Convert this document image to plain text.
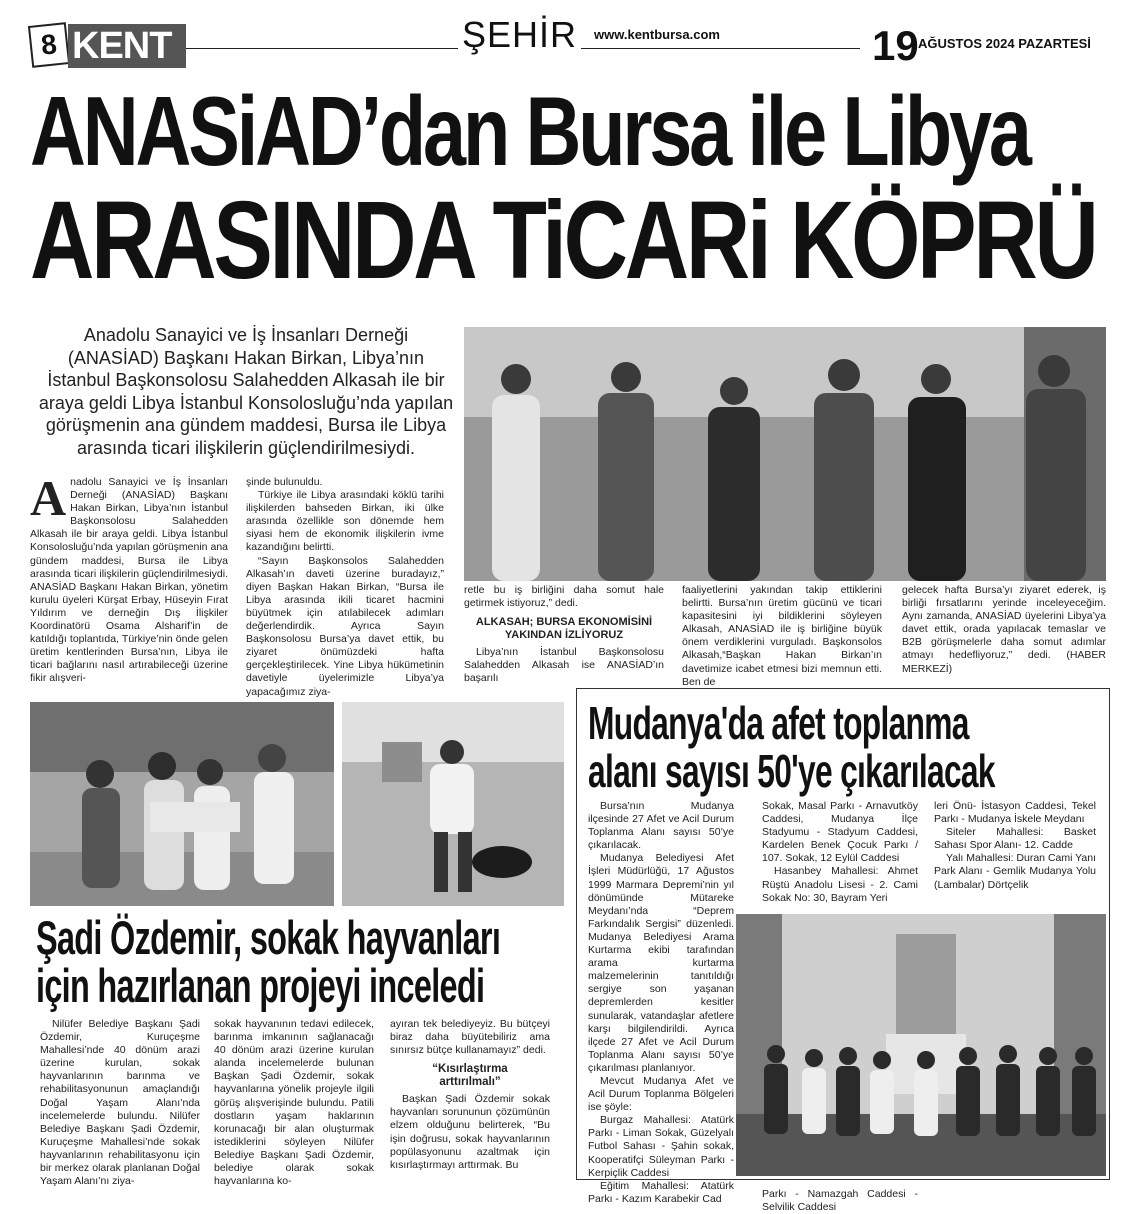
8 KENT	ŞEHİR	www.kentbursa.com	19 AĞUSTOS 2024 PAZARTESİ
ANASiAD’dan Bursa ile Libya
ARASINDA TiCARi KÖPRÜ
Anadolu Sanayici ve İş İnsanları Derneği (ANASİAD) Başkanı Hakan Birkan, Libya’nın İstanbul Başkonsolosu Salahedden Alkasah ile bir araya geldi Libya İstanbul Konsolosluğu’nda yapılan görüşmenin ana gündem maddesi, Bursa ile Libya arasında ticari ilişkilerin güçlendirilmesiydi.

Anadolu Sanayici ve İş İnsanları Derneği (ANASİAD) Başkanı Hakan Birkan, Libya’nın İstanbul Başkonsolosu Salahedden Alkasah ile bir araya geldi. Libya İstanbul Konsolosluğu’nda yapılan görüşmenin ana gündem maddesi, Bursa ile Libya arasında ticari ilişkilerin güçlendirilmesiydi. ANASİAD Başkanı Hakan Birkan, yönetim kurulu üyeleri Kürşat Erbay, Hüseyin Fırat Yıldırım ve derneğin Dış İlişkiler Koordinatörü Osama Alsharif’in de katıldığı toplantıda, Türkiye’nin önde gelen üretim kentlerinden Bursa’nın, Libya ile ticari bağlarını nasıl artırabileceği üzerine fikir alışveri-

şinde bulunuldu.

Türkiye ile Libya arasındaki köklü tarihi ilişkilerden bahseden Birkan, iki ülke arasında özellikle son dönemde hem siyasi hem de ekonomik ilişkilerin ivme kazandığını belirtti.

“Sayın Başkonsolos Salahedden Alkasah’ın daveti üzerine buradayız,” diyen Başkan Hakan Birkan, “Bursa ile Libya arasında ikili ticaret hacmini büyütmek için atılabilecek adımları değerlendirdik. Ayrıca Sayın Başkonsolosu Bursa’ya davet ettik, bu ziyaret önümüzdeki hafta gerçekleştirilecek. Yine Libya hükümetinin davetiyle üyelerimizle Libya’ya yapacağımız ziya-

retle bu iş birliğini daha somut hale getirmek istiyoruz,” dedi.

ALKASAH; BURSA EKONOMİSİNİ YAKINDAN İZLİYORUZ

Libya’nın İstanbul Başkonsolosu Salahedden Alkasah ise ANASİAD’ın başarılı

faaliyetlerini yakından takip ettiklerini belirtti. Bursa’nın üretim gücünü ve ticari kapasitesini iyi bildiklerini söyleyen Alkasah, ANASİAD ile iş birliğine büyük önem verdiklerini vurguladı. Başkonsolos Alkasah,“Başkan Hakan Birkan’ın davetimize icabet etmesi bizi memnun etti. Ben de

gelecek hafta Bursa’yı ziyaret ederek, iş birliği fırsatlarını yerinde inceleyeceğim. Aynı zamanda, ANASİAD üyelerini Libya’ya davet ettik, orada yapılacak temaslar ve B2B görüşmelerle daha somut adımlar atmayı hedefliyoruz,” dedi. (HABER MERKEZİ)

Şadi Özdemir, sokak hayvanları
için hazırlanan projeyi inceledi

Nilüfer Belediye Başkanı Şadi Özdemir, Kuruçeşme Mahallesi’nde 40 dönüm arazi üzerine kurulan, sokak hayvanlarının barınma ve rehabilitasyonunun amaçlandığı Doğal Yaşam Alanı’nda incelemelerde bulundu. Nilüfer Belediye Başkanı Şadi Özdemir, Kuruçeşme Mahallesi’nde sokak hayvanlarının rehabilitasyonu için bir merkez olarak planlanan Doğal Yaşam Alanı’nı ziya-

sokak hayvanının tedavi edilecek, barınma imkanının sağlanacağı 40 dönüm arazi üzerine kurulan alanda incelemelerde bulunan Başkan Şadi Özdemir, sokak hayvanlarına yönelik projeyle ilgili görüş alışverişinde bulundu. Patili dostların yaşam haklarının korunacağı bir alan oluşturmak istediklerini söyleyen Nilüfer Belediye Başkanı Şadi Özdemir, belediye olarak sokak hayvanlarına ko-

ayıran tek belediyeyiz. Bu bütçeyi biraz daha büyütebiliriz ama sınırsız bütçe kullanamayız” dedi.

“Kısırlaştırma arttırılmalı”

Başkan Şadi Özdemir sokak hayvanları sorununun çözümünün elzem olduğunu belirterek, “Bu işin doğrusu, sokak hayvanlarının popülasyonunu azaltmak için kısırlaştırmayı arttırmak. Bu

Mudanya'da afet toplanma
alanı sayısı 50'ye çıkarılacak

Bursa’nın Mudanya ilçesinde 27 Afet ve Acil Durum Toplanma Alanı sayısı 50’ye çıkarılacak.

Mudanya Belediyesi Afet İşleri Müdürlüğü, 17 Ağustos 1999 Marmara Depremi’nin yıl dönümünde Mütareke Meydanı’nda “Deprem Farkındalık Sergisi” düzenledi. Mudanya Belediyesi Arama Kurtarma ekibi tarafından arama kurtarma malzemelerinin tanıtıldığı sergiye son yaşanan depremlerden kesitler sunularak, vatandaşlar afetlere karşı bilgilendirildi. Ayrıca ilçede 27 Afet ve Acil Durum Toplanma Alanı sayısı 50’ye çıkarılması planlanıyor.

Mevcut Mudanya Afet ve Acil Durum Toplanma Bölgeleri ise şöyle:

Burgaz Mahallesi: Atatürk Parkı - Liman Sokak, Güzelyalı Futbol Sahası - Şahin sokak, Kooperatifçi Süleyman Parkı - Kerpiçlik Caddesi

Eğitim Mahallesi: Atatürk Parkı - Kazım Karabekir Cad

Sokak, Masal Parkı - Arnavutköy Caddesi, Mudanya İlçe Stadyumu - Stadyum Caddesi, Kardelen Benek Çocuk Parkı / 107. Sokak, 12 Eylül Caddesi

Hasanbey Mahallesi: Ahmet Rüştü Anadolu Lisesi - 2. Cami Sokak No: 30, Bayram Yeri

leri Önü- İstasyon Caddesi, Tekel Parkı - Mudanya İskele Meydanı

Siteler Mahallesi: Basket Sahası Spor Alanı- 12. Cadde

Yalı Mahallesi: Duran Cami Yanı Park Alanı - Gemlik Mudanya Yolu (Lambalar) Dörtçelik

Parkı - Namazgah Caddesi - Selvilik Caddesi
